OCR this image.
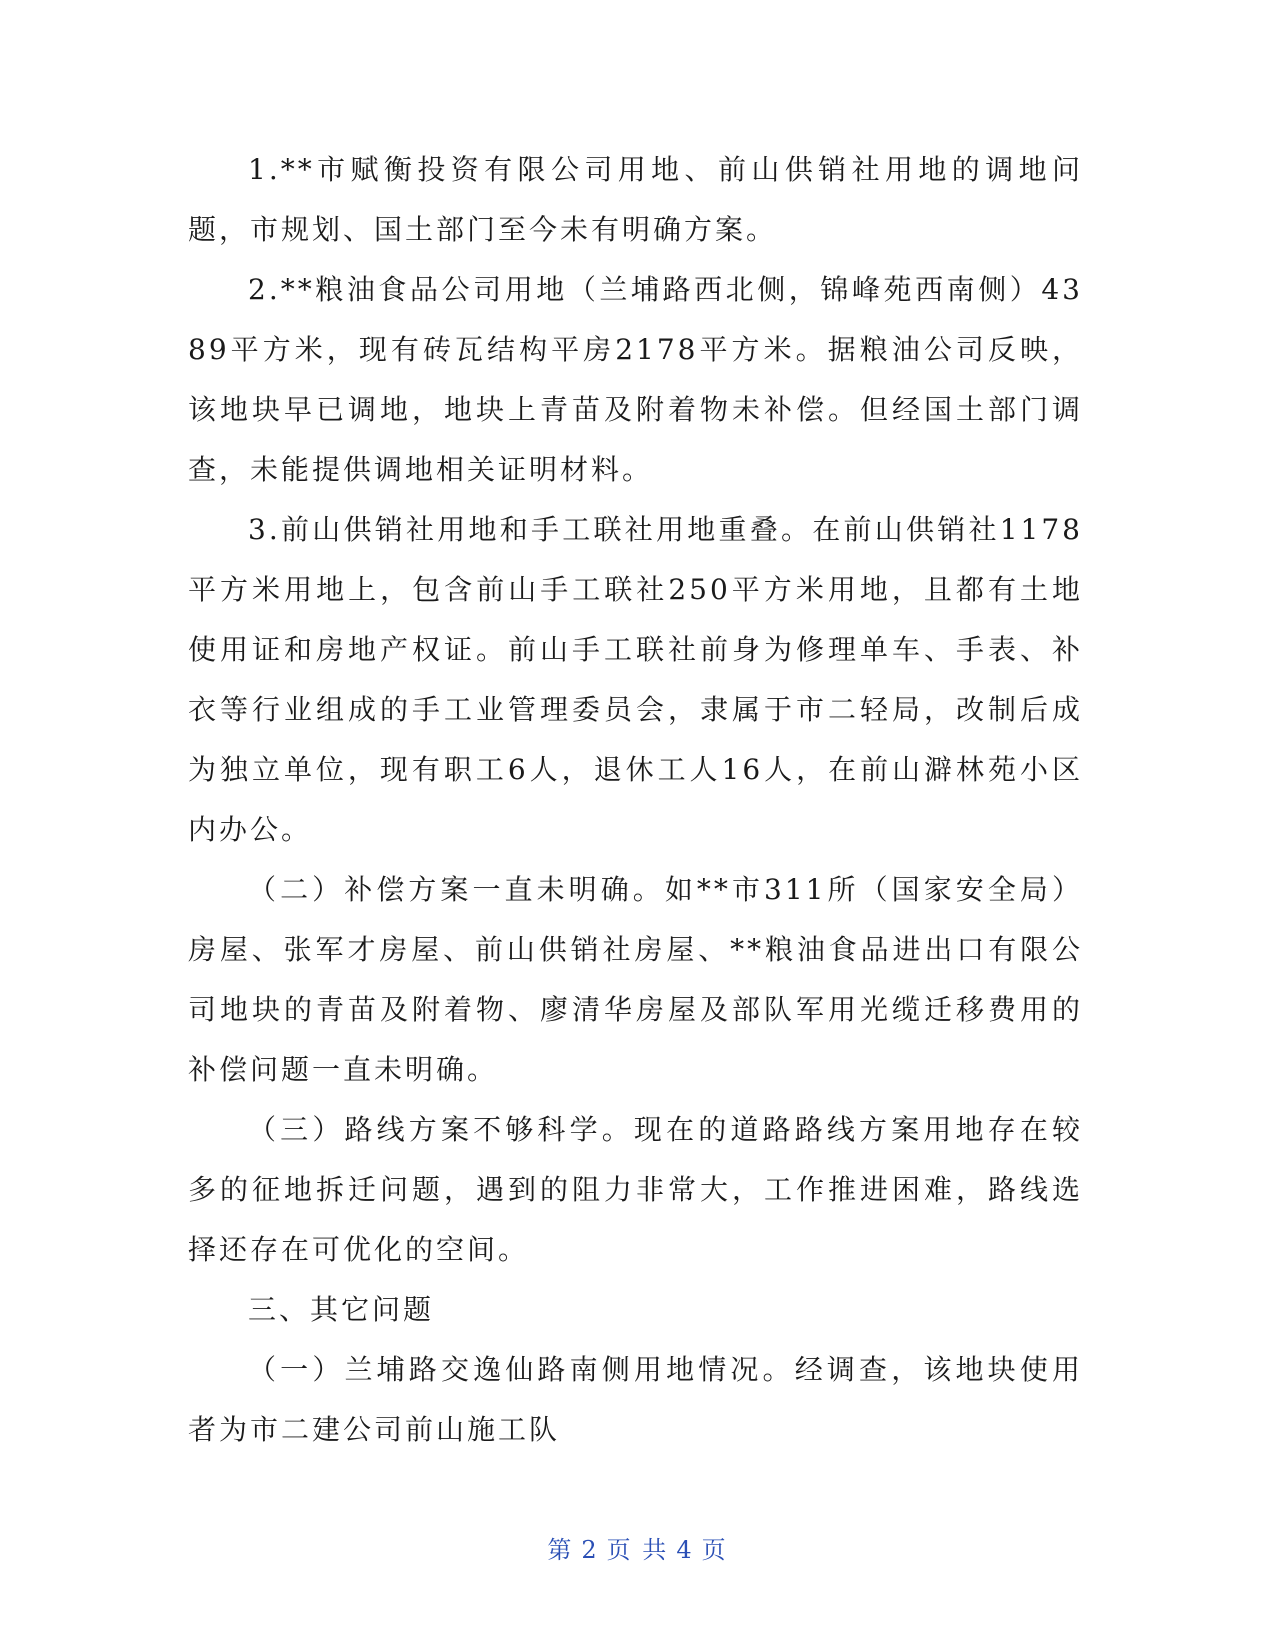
1.**市赋衡投资有限公司用地、前山供销社用地的调地问题，市规划、国土部门至今未有明确方案。

2.**粮油食品公司用地（兰埔路西北侧，锦峰苑西南侧）4389平方米，现有砖瓦结构平房2178平方米。据粮油公司反映，该地块早已调地，地块上青苗及附着物未补偿。但经国土部门调查，未能提供调地相关证明材料。

3.前山供销社用地和手工联社用地重叠。在前山供销社1178平方米用地上，包含前山手工联社250平方米用地，且都有土地使用证和房地产权证。前山手工联社前身为修理单车、手表、补衣等行业组成的手工业管理委员会，隶属于市二轻局，改制后成为独立单位，现有职工6人，退休工人16人，在前山澼林苑小区内办公。

（二）补偿方案一直未明确。如**市311所（国家安全局）房屋、张军才房屋、前山供销社房屋、**粮油食品进出口有限公司地块的青苗及附着物、廖清华房屋及部队军用光缆迁移费用的补偿问题一直未明确。

（三）路线方案不够科学。现在的道路路线方案用地存在较多的征地拆迁问题，遇到的阻力非常大，工作推进困难，路线选择还存在可优化的空间。

三、其它问题

（一）兰埔路交逸仙路南侧用地情况。经调查，该地块使用者为市二建公司前山施工队

第 2 页 共 4 页
